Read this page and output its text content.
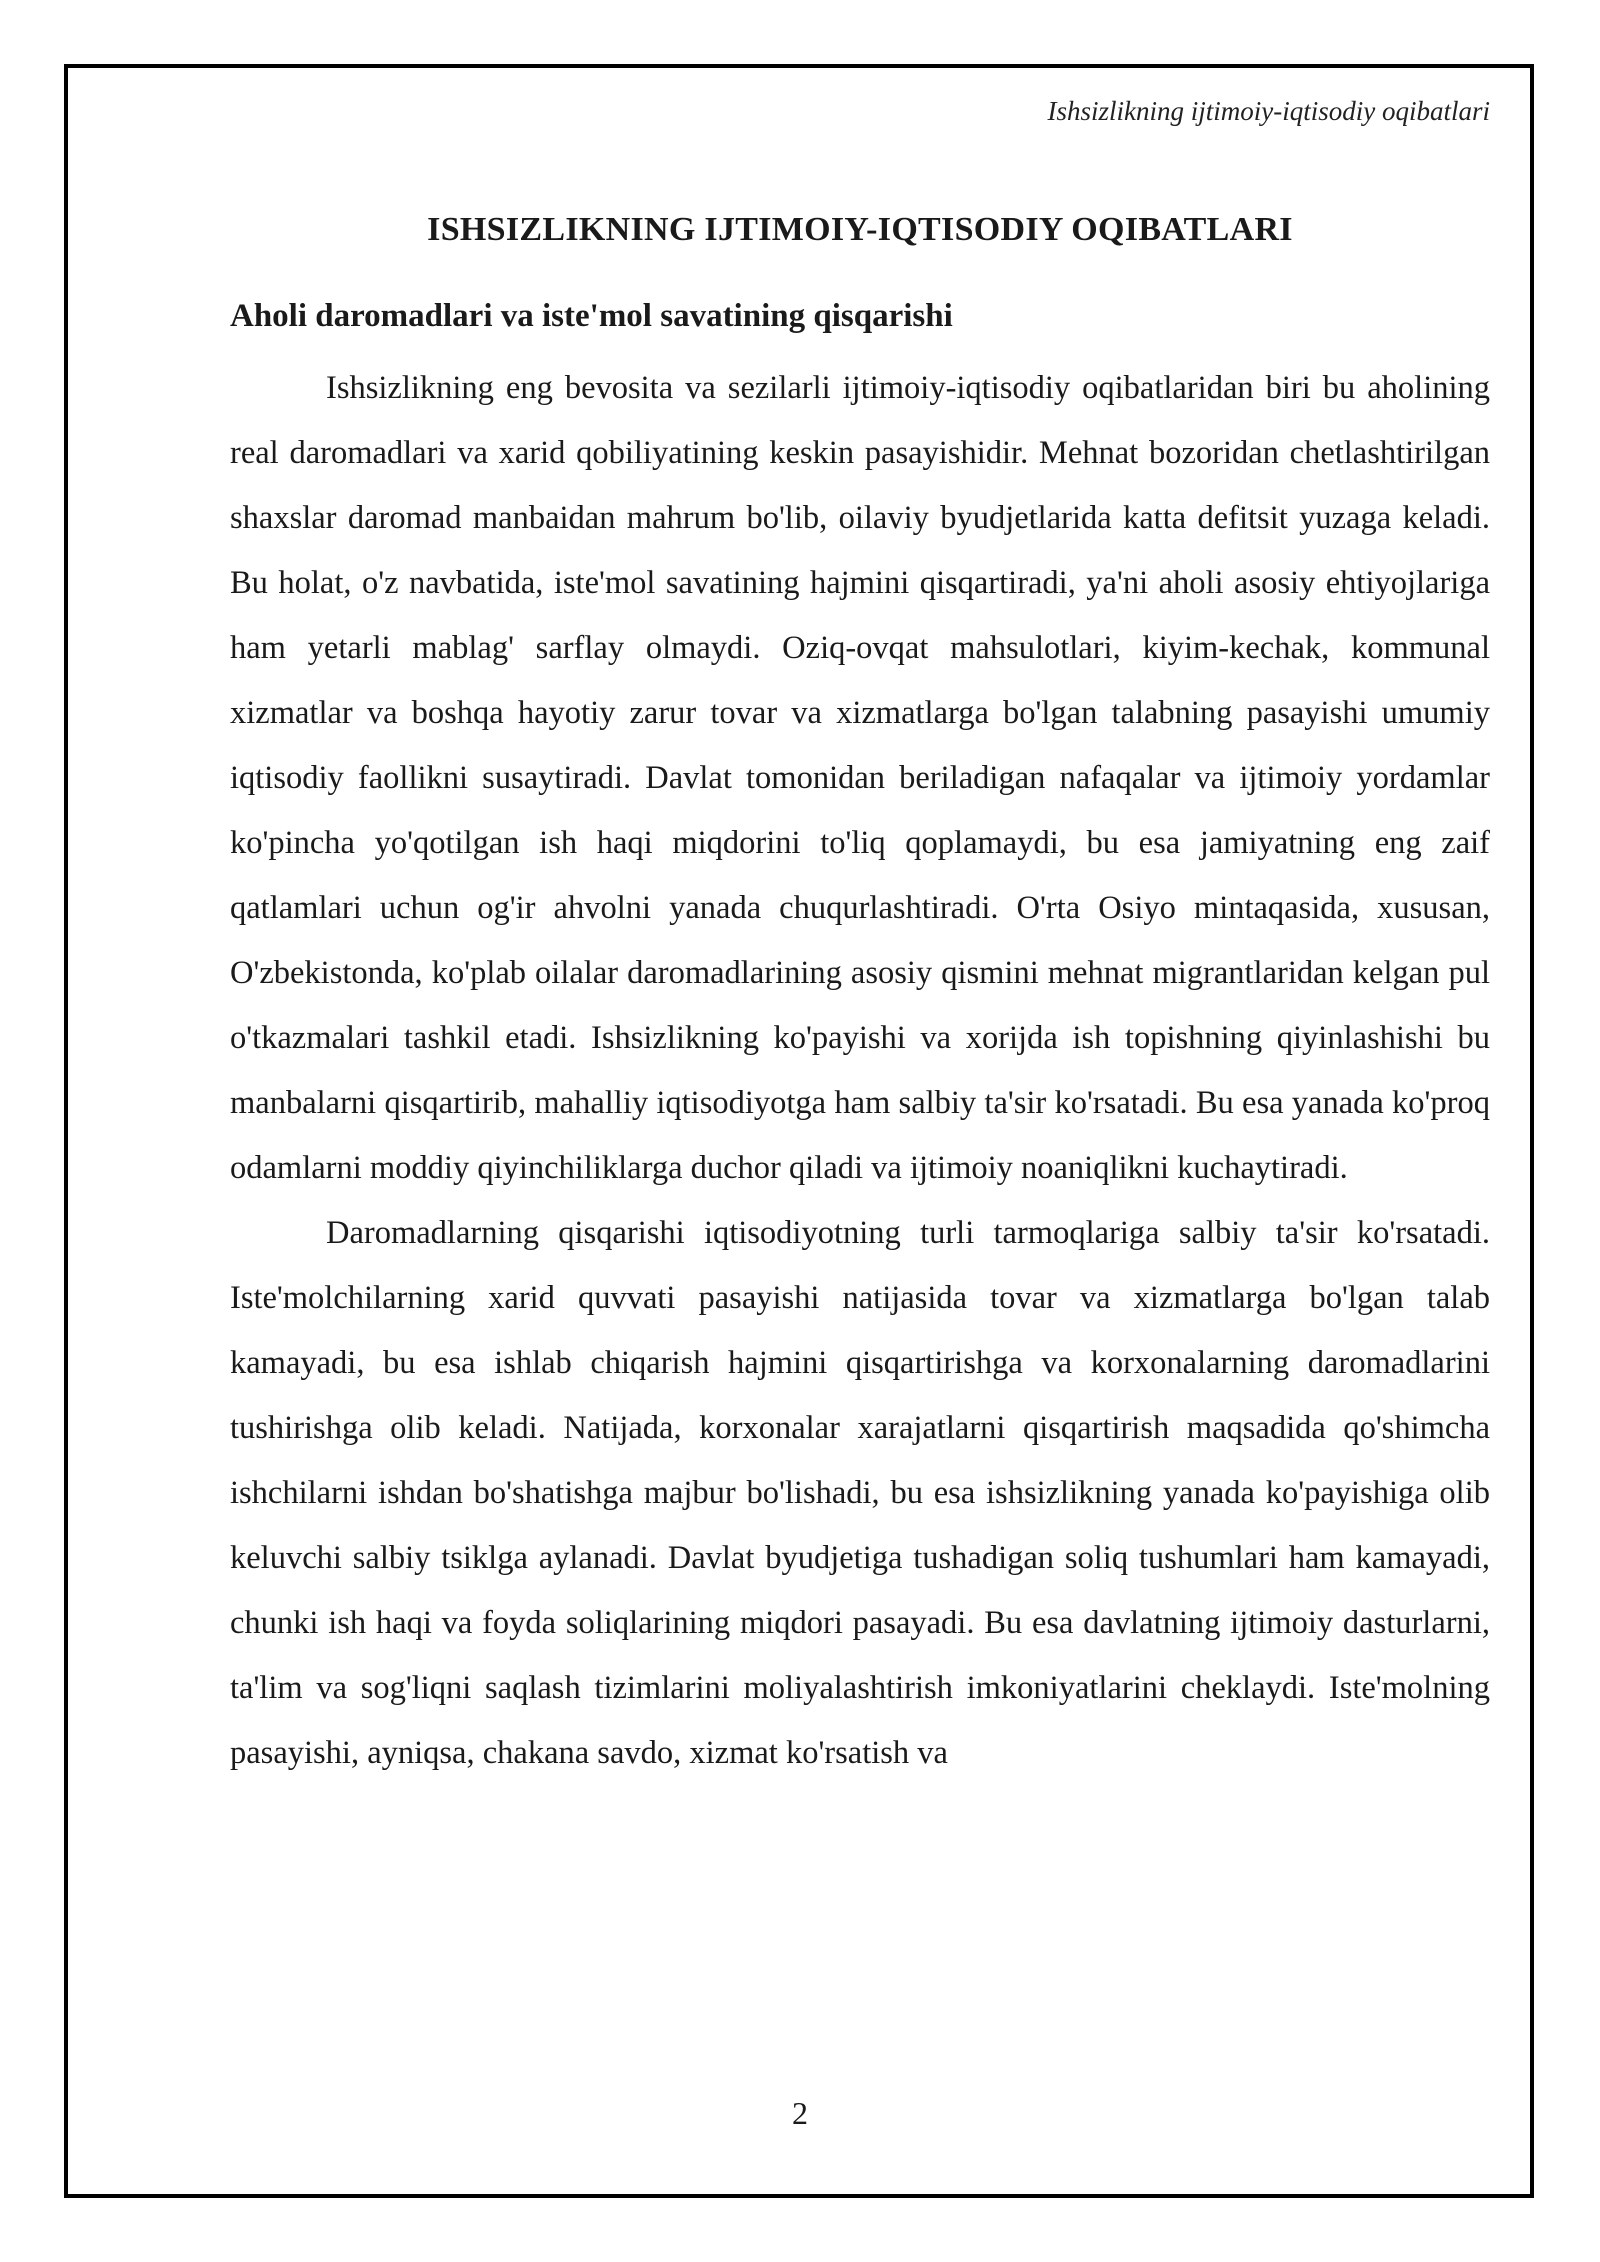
Ishsizlikning ijtimoiy-iqtisodiy oqibatlari
ISHSIZLIKNING IJTIMOIY-IQTISODIY OQIBATLARI
Aholi daromadlari va iste'mol savatining qisqarishi

Ishsizlikning eng bevosita va sezilarli ijtimoiy-iqtisodiy oqibatlaridan biri bu aholining real daromadlari va xarid qobiliyatining keskin pasayishidir. Mehnat bozoridan chetlashtirilgan shaxslar daromad manbaidan mahrum bo'lib, oilaviy byudjetlarida katta defitsit yuzaga keladi. Bu holat, o'z navbatida, iste'mol savatining hajmini qisqartiradi, ya'ni aholi asosiy ehtiyojlariga ham yetarli mablag' sarflay olmaydi. Oziq-ovqat mahsulotlari, kiyim-kechak, kommunal xizmatlar va boshqa hayotiy zarur tovar va xizmatlarga bo'lgan talabning pasayishi umumiy iqtisodiy faollikni susaytiradi. Davlat tomonidan beriladigan nafaqalar va ijtimoiy yordamlar ko'pincha yo'qotilgan ish haqi miqdorini to'liq qoplamaydi, bu esa jamiyatning eng zaif qatlamlari uchun og'ir ahvolni yanada chuqurlashtiradi. O'rta Osiyo mintaqasida, xususan, O'zbekistonda, ko'plab oilalar daromadlarining asosiy qismini mehnat migrantlaridan kelgan pul o'tkazmalari tashkil etadi. Ishsizlikning ko'payishi va xorijda ish topishning qiyinlashishi bu manbalarni qisqartirib, mahalliy iqtisodiyotga ham salbiy ta'sir ko'rsatadi. Bu esa yanada ko'proq odamlarni moddiy qiyinchiliklarga duchor qiladi va ijtimoiy noaniqlikni kuchaytiradi.

Daromadlarning qisqarishi iqtisodiyotning turli tarmoqlariga salbiy ta'sir ko'rsatadi. Iste'molchilarning xarid quvvati pasayishi natijasida tovar va xizmatlarga bo'lgan talab kamayadi, bu esa ishlab chiqarish hajmini qisqartirishga va korxonalarning daromadlarini tushirishga olib keladi. Natijada, korxonalar xarajatlarni qisqartirish maqsadida qo'shimcha ishchilarni ishdan bo'shatishga majbur bo'lishadi, bu esa ishsizlikning yanada ko'payishiga olib keluvchi salbiy tsiklga aylanadi. Davlat byudjetiga tushadigan soliq tushumlari ham kamayadi, chunki ish haqi va foyda soliqlarining miqdori pasayadi. Bu esa davlatning ijtimoiy dasturlarni, ta'lim va sog'liqni saqlash tizimlarini moliyalashtirish imkoniyatlarini cheklaydi. Iste'molning pasayishi, ayniqsa, chakana savdo, xizmat ko'rsatish va

2
